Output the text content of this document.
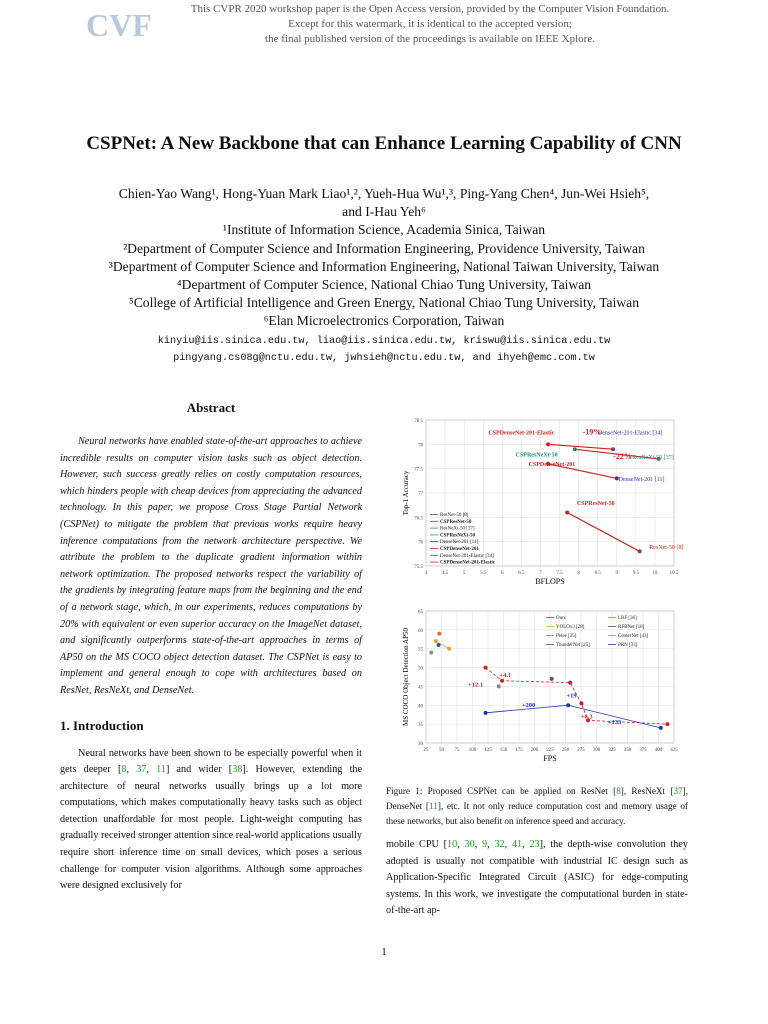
CVF	This CVPR 2020 workshop paper is the Open Access version, provided by the Computer Vision Foundation.
Except for this watermark, it is identical to the accepted version;
the final published version of the proceedings is available on IEEE Xplore.
CSPNet: A New Backbone that can Enhance Learning Capability of CNN
Chien-Yao Wang¹, Hong-Yuan Mark Liao¹,², Yueh-Hua Wu¹,³, Ping-Yang Chen⁴, Jun-Wei Hsieh⁵,
and I-Hau Yeh⁶
¹Institute of Information Science, Academia Sinica, Taiwan
²Department of Computer Science and Information Engineering, Providence University, Taiwan
³Department of Computer Science and Information Engineering, National Taiwan University, Taiwan
⁴Department of Computer Science, National Chiao Tung University, Taiwan
⁵College of Artificial Intelligence and Green Energy, National Chiao Tung University, Taiwan
⁶Elan Microelectronics Corporation, Taiwan
kinyiu@iis.sinica.edu.tw, liao@iis.sinica.edu.tw, kriswu@iis.sinica.edu.tw
pingyang.cs08g@nctu.edu.tw, jwhsieh@nctu.edu.tw, and ihyeh@emc.com.tw
Abstract

Neural networks have enabled state-of-the-art approaches to achieve incredible results on computer vision tasks such as object detection. However, such success greatly relies on costly computation resources, which hinders people with cheap devices from appreciating the advanced technology. In this paper, we propose Cross Stage Partial Network (CSPNet) to mitigate the problem that previous works require heavy inference computations from the network architecture perspective. We attribute the problem to the duplicate gradient information within network optimization. The proposed networks respect the variability of the gradients by integrating feature maps from the beginning and the end of a network stage, which, in our experiments, reduces computations by 20% with equivalent or even superior accuracy on the ImageNet dataset, and significantly outperforms state-of-the-art approaches in terms of AP50 on the MS COCO object detection dataset. The CSPNet is easy to implement and general enough to cope with architectures based on ResNet, ResNeXt, and DenseNet.

1. Introduction

Neural networks have been shown to be especially powerful when it gets deeper [8, 37, 11] and wider [38]. However, extending the architecture of neural networks usually brings up a lot more computations, which makes computationally heavy tasks such as object detection unaffordable for most people. Light-weight computing has gradually received stronger attention since real-world applications usually require short inference time on small devices, which poses a serious challenge for computer vision algorithms. Although some approaches were designed exclusively for

4	4.5	5	5.5	6	6.5	7	7.5	8	8.5	9	9.5	10 10.5
75.5
76
76.5
77
77.5
78
78.5
BFLOPS
Top-1 Accuracy
CSPDenseNet-201-Elastic	-19%
DenseNet-201-Elastic [34]
CSPResNeXt-50	-22% ResNeXt-50 [37]
CSPDenseNet-201
DenseNet-201 [11]
CSPResNet-50
ResNet-50 [8]
ResNet-50 [8]
CSPResNet-50
ResNeXt-50 [37]
CSPResNeXt-50
DenseNet-201 [11]
CSPDenseNet-201
DenseNet-201-Elastic [34]
CSPDenseNet-201-Elastic

25 50 75 100 125 150 175 200 225 250 275 300 325 350 375 400 425
30
35
40
45
50
55
60
65
FPS
MS COCO Object Detection AP50	+12.1
+4.1
+19
+200
+6.3
+133
Ours
YOLOv3 [28]
Pelee [35]
ThunderNet [25]
LRF [36]
RFBNet [18]
CenterNet [43]
PRN [33]
Figure 1: Proposed CSPNet can be applied on ResNet [8], ResNeXt [37], DenseNet [11], etc. It not only reduce computation cost and memory usage of these networks, but also benefit on inference speed and accuracy.

mobile CPU [10, 30, 9, 32, 41, 23], the depth-wise convolution they adopted is usually not compatible with industrial IC design such as Application-Specific Integrated Circuit (ASIC) for edge-computing systems. In this work, we investigate the computational burden in state-of-the-art ap-

1
